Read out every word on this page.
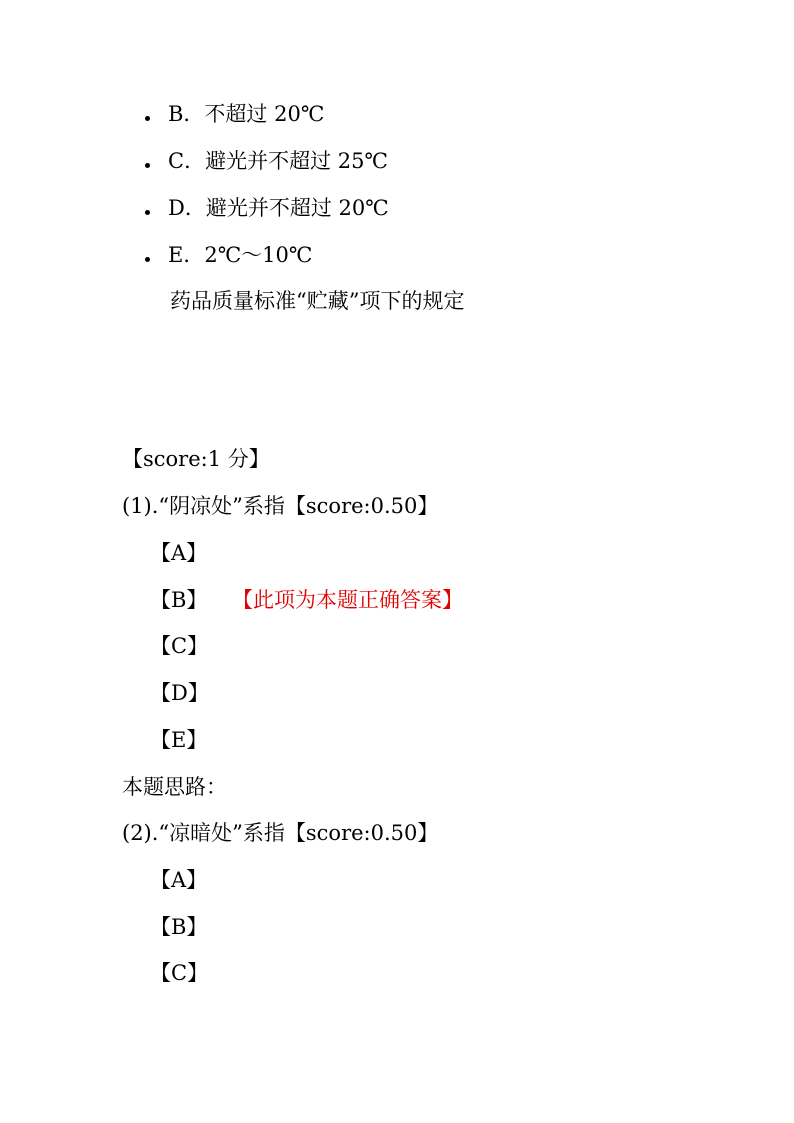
B．不超过 20℃
C．避光并不超过 25℃
D．避光并不超过 20℃
E．2℃～10℃
药品质量标准“贮藏”项下的规定
【score:1 分】
(1).“阴凉处”系指【score:0.50】
【A】
【B】 【此项为本题正确答案】
【C】
【D】
【E】
本题思路：
(2).“凉暗处”系指【score:0.50】
【A】
【B】
【C】
